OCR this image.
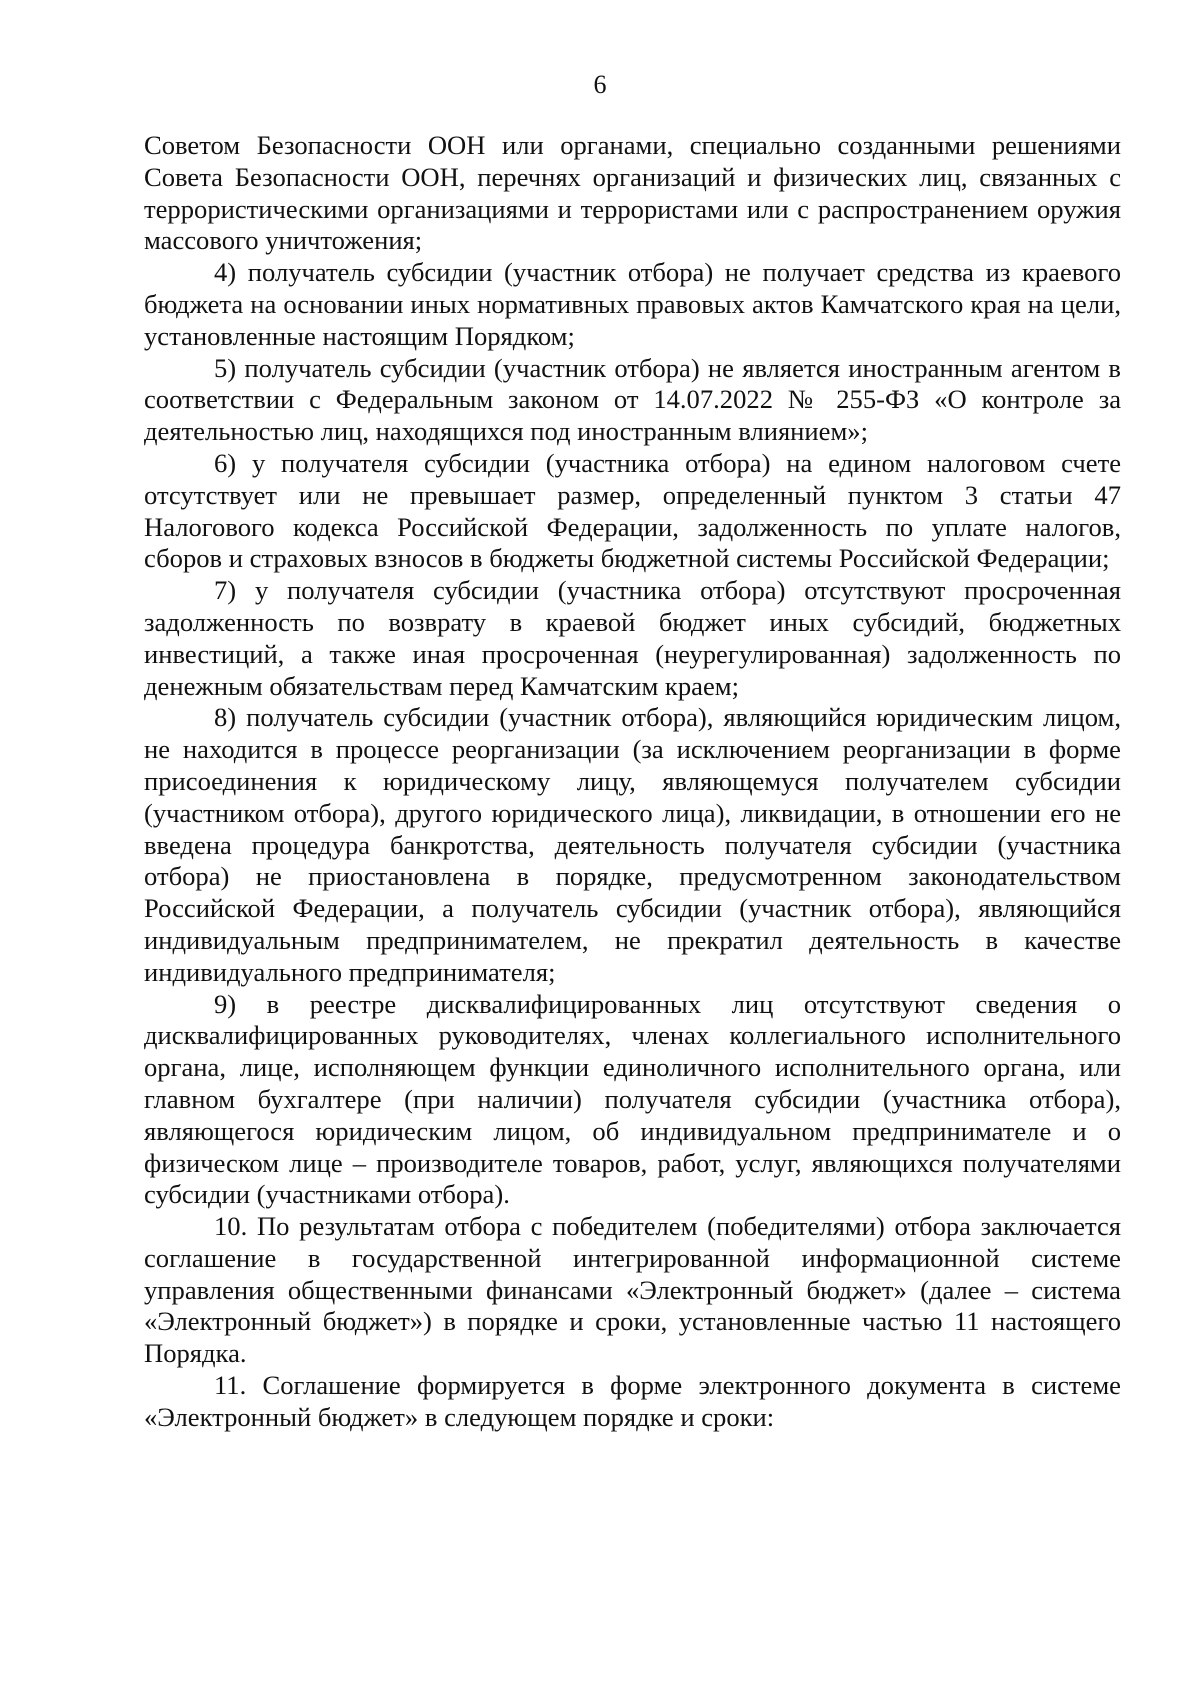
6

Советом Безопасности ООН или органами, специально созданными решениями Совета Безопасности ООН, перечнях организаций и физических лиц, связанных с террористическими организациями и террористами или с распространением оружия массового уничтожения;

4) получатель субсидии (участник отбора) не получает средства из краевого бюджета на основании иных нормативных правовых актов Камчатского края на цели, установленные настоящим Порядком;

5) получатель субсидии (участник отбора) не является иностранным агентом в соответствии с Федеральным законом от 14.07.2022 № 255-ФЗ «О контроле за деятельностью лиц, находящихся под иностранным влиянием»;

6) у получателя субсидии (участника отбора) на едином налоговом счете отсутствует или не превышает размер, определенный пунктом 3 статьи 47 Налогового кодекса Российской Федерации, задолженность по уплате налогов, сборов и страховых взносов в бюджеты бюджетной системы Российской Федерации;

7) у получателя субсидии (участника отбора) отсутствуют просроченная задолженность по возврату в краевой бюджет иных субсидий, бюджетных инвестиций, а также иная просроченная (неурегулированная) задолженность по денежным обязательствам перед Камчатским краем;

8) получатель субсидии (участник отбора), являющийся юридическим лицом, не находится в процессе реорганизации (за исключением реорганизации в форме присоединения к юридическому лицу, являющемуся получателем субсидии (участником отбора), другого юридического лица), ликвидации, в отношении его не введена процедура банкротства, деятельность получателя субсидии (участника отбора) не приостановлена в порядке, предусмотренном законодательством Российской Федерации, а получатель субсидии (участник отбора), являющийся индивидуальным предпринимателем, не прекратил деятельность в качестве индивидуального предпринимателя;

9) в реестре дисквалифицированных лиц отсутствуют сведения о дисквалифицированных руководителях, членах коллегиального исполнительного органа, лице, исполняющем функции единоличного исполнительного органа, или главном бухгалтере (при наличии) получателя субсидии (участника отбора), являющегося юридическим лицом, об индивидуальном предпринимателе и о физическом лице – производителе товаров, работ, услуг, являющихся получателями субсидии (участниками отбора).

10. По результатам отбора с победителем (победителями) отбора заключается соглашение в государственной интегрированной информационной системе управления общественными финансами «Электронный бюджет» (далее – система «Электронный бюджет») в порядке и сроки, установленные частью 11 настоящего Порядка.

11. Соглашение формируется в форме электронного документа в системе «Электронный бюджет» в следующем порядке и сроки:
